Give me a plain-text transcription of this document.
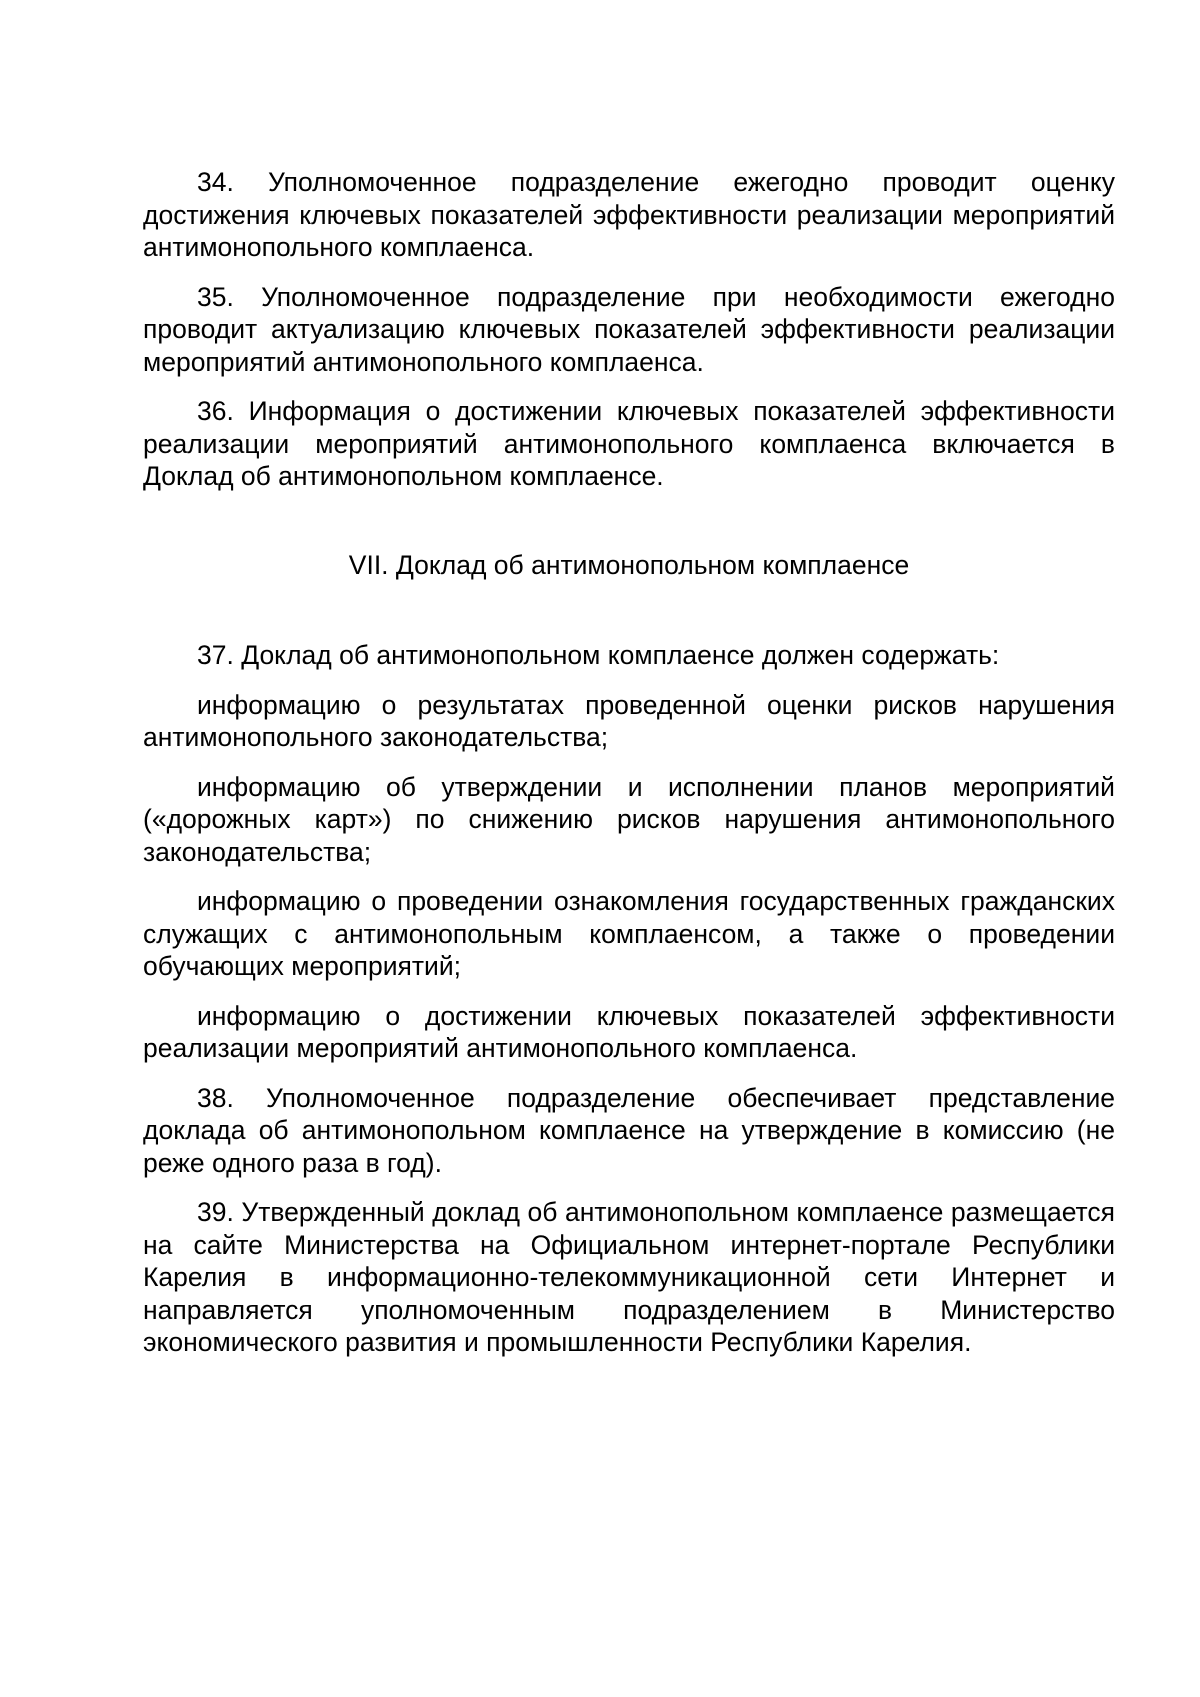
34. Уполномоченное подразделение ежегодно проводит оценку достижения ключевых показателей эффективности реализации мероприятий антимонопольного комплаенса.

35. Уполномоченное подразделение при необходимости ежегодно проводит актуализацию ключевых показателей эффективности реализации мероприятий антимонопольного комплаенса.

36. Информация о достижении ключевых показателей эффективности реализации мероприятий антимонопольного комплаенса включается в Доклад об антимонопольном комплаенсе.

VII. Доклад об антимонопольном комплаенсе

37. Доклад об антимонопольном комплаенсе должен содержать:

информацию о результатах проведенной оценки рисков нарушения антимонопольного законодательства;

информацию об утверждении и исполнении планов мероприятий («дорожных карт») по снижению рисков нарушения антимонопольного законодательства;

информацию о проведении ознакомления государственных гражданских служащих с антимонопольным комплаенсом, а также о проведении обучающих мероприятий;

информацию о достижении ключевых показателей эффективности реализации мероприятий антимонопольного комплаенса.

38. Уполномоченное подразделение обеспечивает представление доклада об антимонопольном комплаенсе на утверждение в комиссию (не реже одного раза в год).

39. Утвержденный доклад об антимонопольном комплаенсе размещается на сайте Министерства на Официальном интернет-портале Республики Карелия в информационно-телекоммуникационной сети Интернет и направляется уполномоченным подразделением в Министерство экономического развития и промышленности Республики Карелия.
